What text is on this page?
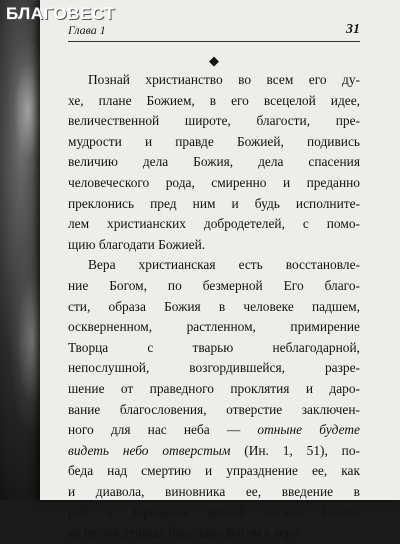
БЛАГОВЕСТ
Глава 1	31
◆
Познай христианство во всем его ду-
хе, плане Божием, в его всецелой идее,
величественной широте, благости, пре-
мудрости и правде Божией, подивись
величию дела Божия, дела спасения
человеческого рода, смиренно и преданно
преклонись пред ним и будь исполните-
лем христианских добродетелей, с помо-
щию благодати Божией.
Вера христианская есть восстановле-
ние Богом, по безмерной Его благо-
сти, образа Божия в человеке падшем,
оскверненном, растленном, примирение
Творца с тварью неблагодарной,
непослушной, возгордившейся, разре-
шение от праведного проклятия и даро-
вание благословения, отверстие заключен-
ного для нас неба — отныне будете
видеть небо отверстым (Ин. 1, 51), по-
беда над смертию и упразднение ее, как
и диавола, виновника ее, введение в
рай и дарование вечной жизни. Сколь-
ко бесчисленных благ дано Богом в вере
